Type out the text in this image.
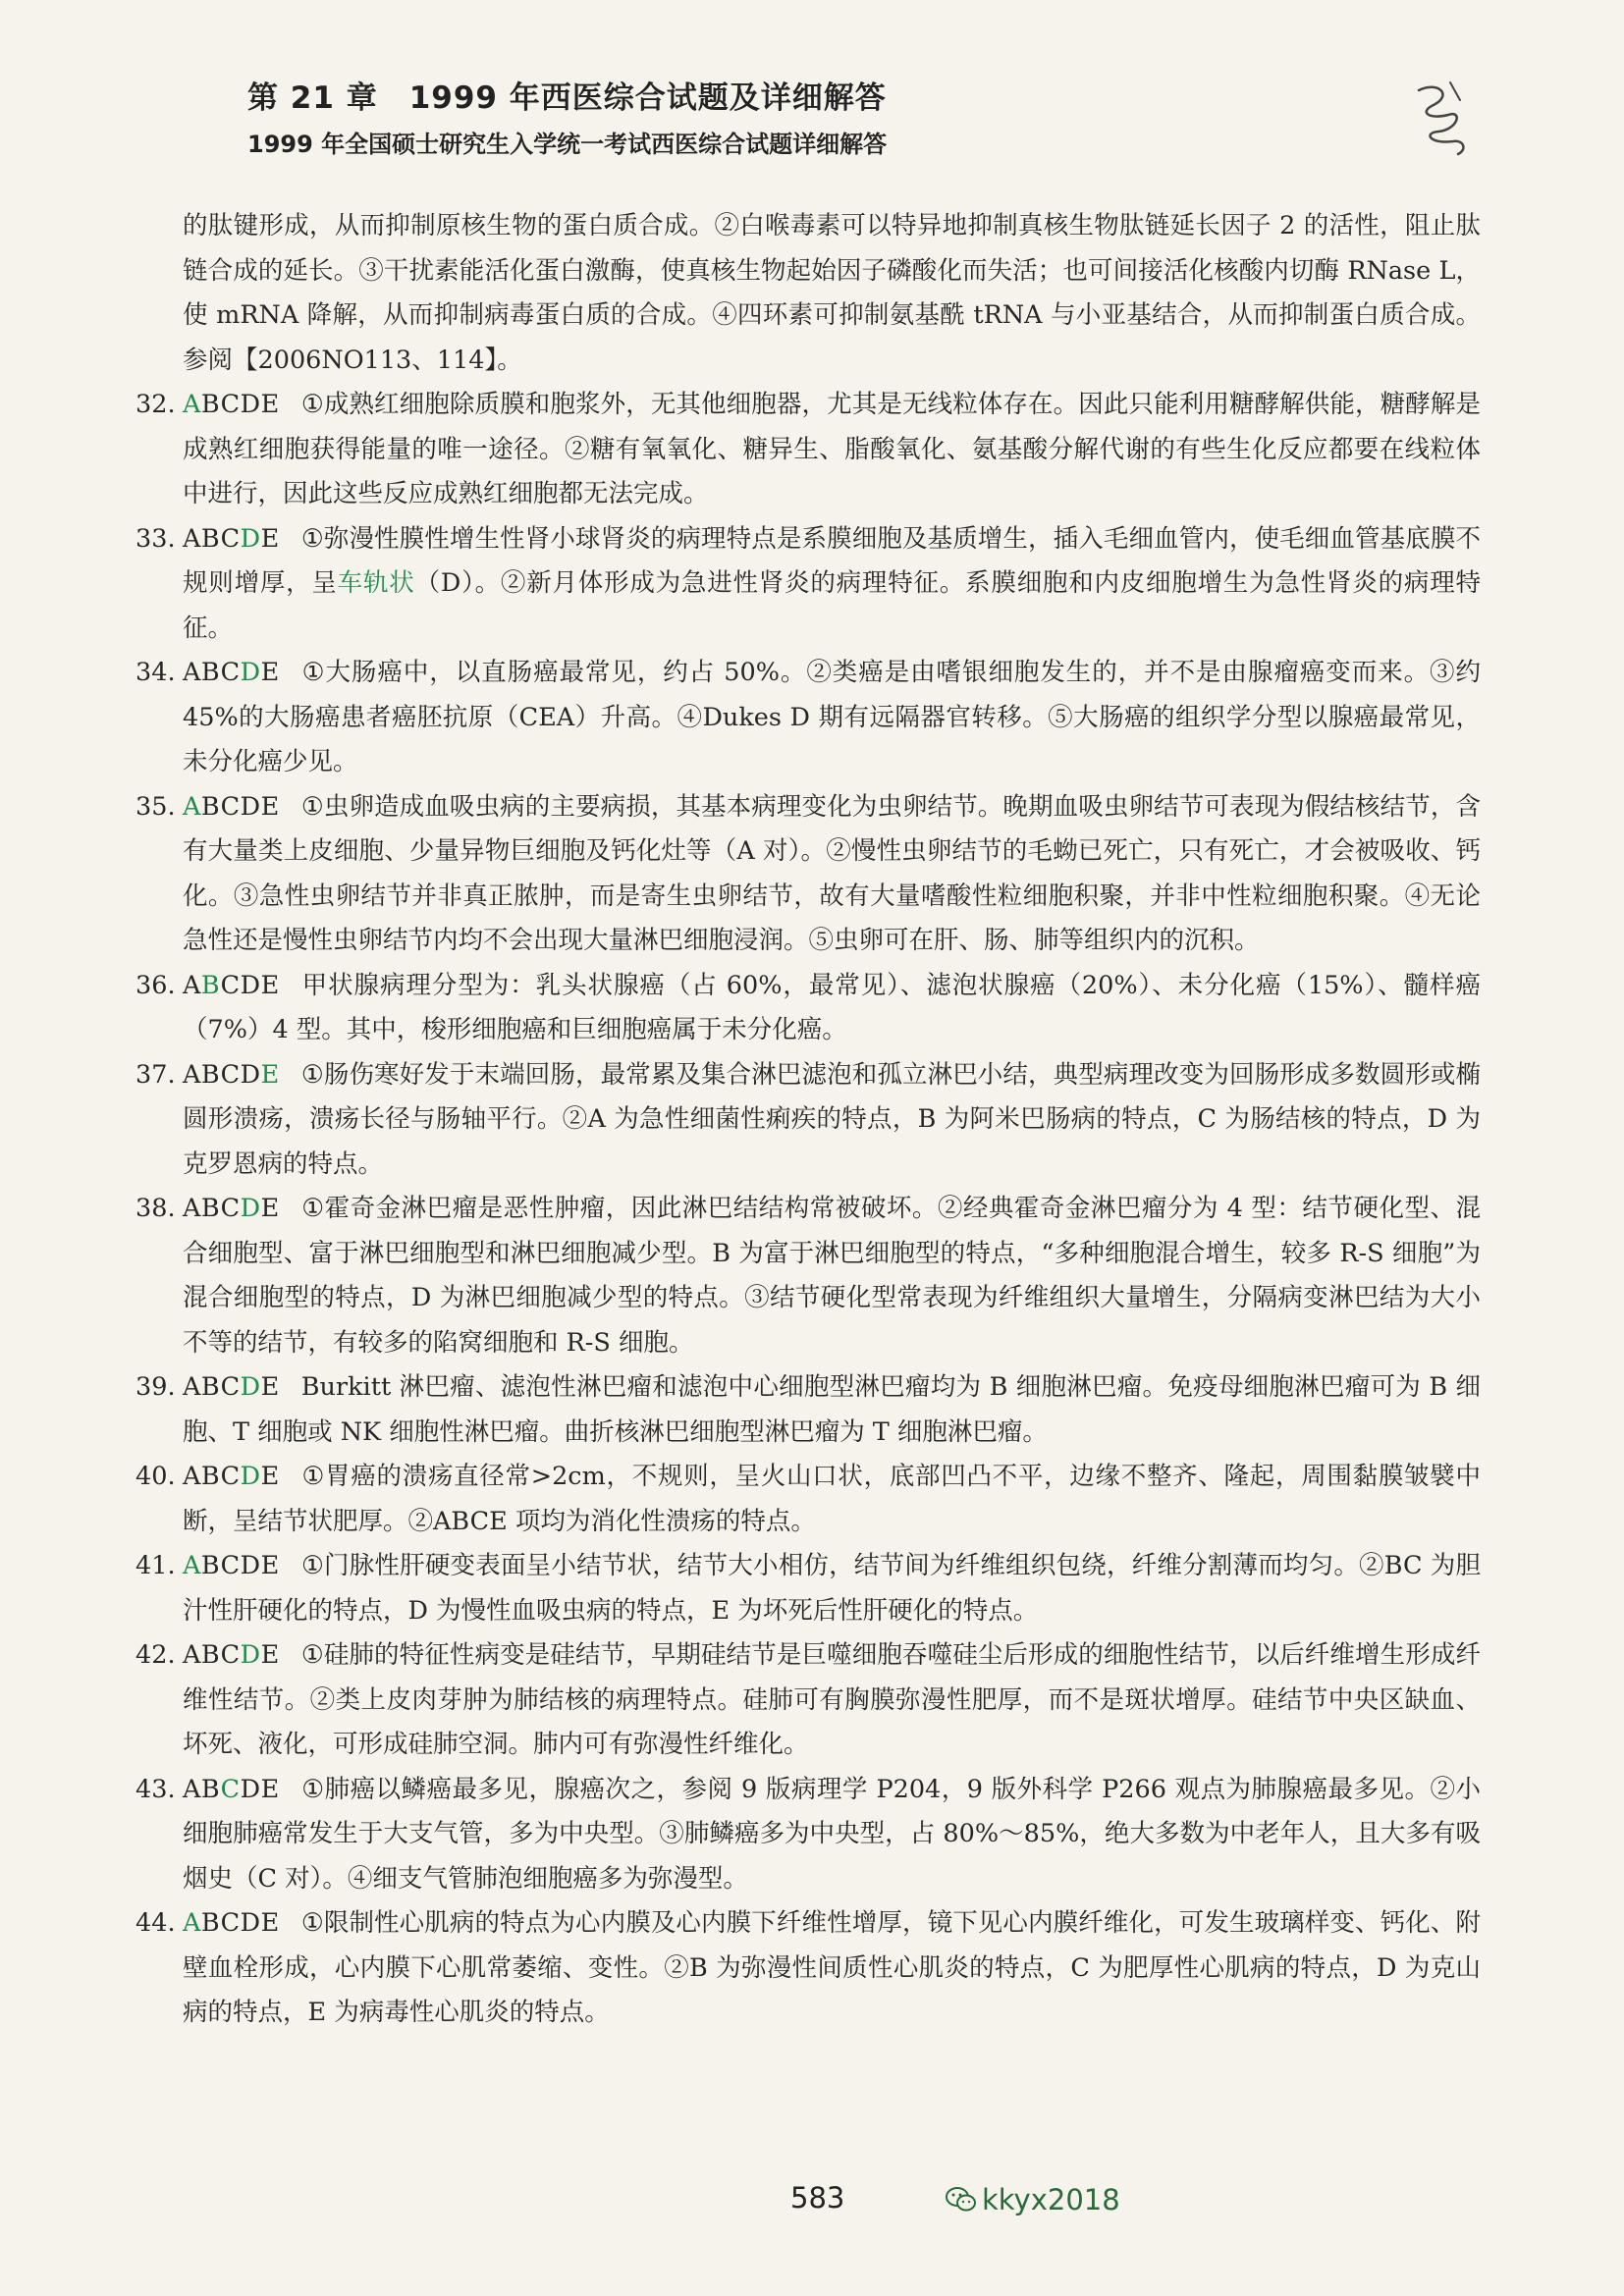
第 21 章　1999 年西医综合试题及详细解答
1999 年全国硕士研究生入学统一考试西医综合试题详细解答

的肽键形成，从而抑制原核生物的蛋白质合成。②白喉毒素可以特异地抑制真核生物肽链延长因子 2 的活性，阻止肽链合成的延长。③干扰素能活化蛋白激酶，使真核生物起始因子磷酸化而失活；也可间接活化核酸内切酶 RNase L，使 mRNA 降解，从而抑制病毒蛋白质的合成。④四环素可抑制氨基酰 tRNA 与小亚基结合，从而抑制蛋白质合成。参阅【2006NO113、114】。

32. ABCDE ①成熟红细胞除质膜和胞浆外，无其他细胞器，尤其是无线粒体存在。因此只能利用糖酵解供能，糖酵解是成熟红细胞获得能量的唯一途径。②糖有氧氧化、糖异生、脂酸氧化、氨基酸分解代谢的有些生化反应都要在线粒体中进行，因此这些反应成熟红细胞都无法完成。
33. ABCDE ①弥漫性膜性增生性肾小球肾炎的病理特点是系膜细胞及基质增生，插入毛细血管内，使毛细血管基底膜不规则增厚，呈车轨状（D）。②新月体形成为急进性肾炎的病理特征。系膜细胞和内皮细胞增生为急性肾炎的病理特征。
34. ABCDE ①大肠癌中，以直肠癌最常见，约占 50%。②类癌是由嗜银细胞发生的，并不是由腺瘤癌变而来。③约 45%的大肠癌患者癌胚抗原（CEA）升高。④Dukes D 期有远隔器官转移。⑤大肠癌的组织学分型以腺癌最常见，未分化癌少见。
35. ABCDE ①虫卵造成血吸虫病的主要病损，其基本病理变化为虫卵结节。晚期血吸虫卵结节可表现为假结核结节，含有大量类上皮细胞、少量异物巨细胞及钙化灶等（A 对）。②慢性虫卵结节的毛蚴已死亡，只有死亡，才会被吸收、钙化。③急性虫卵结节并非真正脓肿，而是寄生虫卵结节，故有大量嗜酸性粒细胞积聚，并非中性粒细胞积聚。④无论急性还是慢性虫卵结节内均不会出现大量淋巴细胞浸润。⑤虫卵可在肝、肠、肺等组织内的沉积。
36. ABCDE 甲状腺病理分型为：乳头状腺癌（占 60%，最常见）、滤泡状腺癌（20%）、未分化癌（15%）、髓样癌（7%）4 型。其中，梭形细胞癌和巨细胞癌属于未分化癌。
37. ABCDE ①肠伤寒好发于末端回肠，最常累及集合淋巴滤泡和孤立淋巴小结，典型病理改变为回肠形成多数圆形或椭圆形溃疡，溃疡长径与肠轴平行。②A 为急性细菌性痢疾的特点，B 为阿米巴肠病的特点，C 为肠结核的特点，D 为克罗恩病的特点。
38. ABCDE ①霍奇金淋巴瘤是恶性肿瘤，因此淋巴结结构常被破坏。②经典霍奇金淋巴瘤分为 4 型：结节硬化型、混合细胞型、富于淋巴细胞型和淋巴细胞减少型。B 为富于淋巴细胞型的特点，“多种细胞混合增生，较多 R-S 细胞”为混合细胞型的特点，D 为淋巴细胞减少型的特点。③结节硬化型常表现为纤维组织大量增生，分隔病变淋巴结为大小不等的结节，有较多的陷窝细胞和 R-S 细胞。
39. ABCDE Burkitt 淋巴瘤、滤泡性淋巴瘤和滤泡中心细胞型淋巴瘤均为 B 细胞淋巴瘤。免疫母细胞淋巴瘤可为 B 细胞、T 细胞或 NK 细胞性淋巴瘤。曲折核淋巴细胞型淋巴瘤为 T 细胞淋巴瘤。
40. ABCDE ①胃癌的溃疡直径常>2cm，不规则，呈火山口状，底部凹凸不平，边缘不整齐、隆起，周围黏膜皱襞中断，呈结节状肥厚。②ABCE 项均为消化性溃疡的特点。
41. ABCDE ①门脉性肝硬变表面呈小结节状，结节大小相仿，结节间为纤维组织包绕，纤维分割薄而均匀。②BC 为胆汁性肝硬化的特点，D 为慢性血吸虫病的特点，E 为坏死后性肝硬化的特点。
42. ABCDE ①硅肺的特征性病变是硅结节，早期硅结节是巨噬细胞吞噬硅尘后形成的细胞性结节，以后纤维增生形成纤维性结节。②类上皮肉芽肿为肺结核的病理特点。硅肺可有胸膜弥漫性肥厚，而不是斑状增厚。硅结节中央区缺血、坏死、液化，可形成硅肺空洞。肺内可有弥漫性纤维化。
43. ABCDE ①肺癌以鳞癌最多见，腺癌次之，参阅 9 版病理学 P204，9 版外科学 P266 观点为肺腺癌最多见。②小细胞肺癌常发生于大支气管，多为中央型。③肺鳞癌多为中央型，占 80%～85%，绝大多数为中老年人，且大多有吸烟史（C 对）。④细支气管肺泡细胞癌多为弥漫型。
44. ABCDE ①限制性心肌病的特点为心内膜及心内膜下纤维性增厚，镜下见心内膜纤维化，可发生玻璃样变、钙化、附壁血栓形成，心内膜下心肌常萎缩、变性。②B 为弥漫性间质性心肌炎的特点，C 为肥厚性心肌病的特点，D 为克山病的特点，E 为病毒性心肌炎的特点。
583	kkyx2018
